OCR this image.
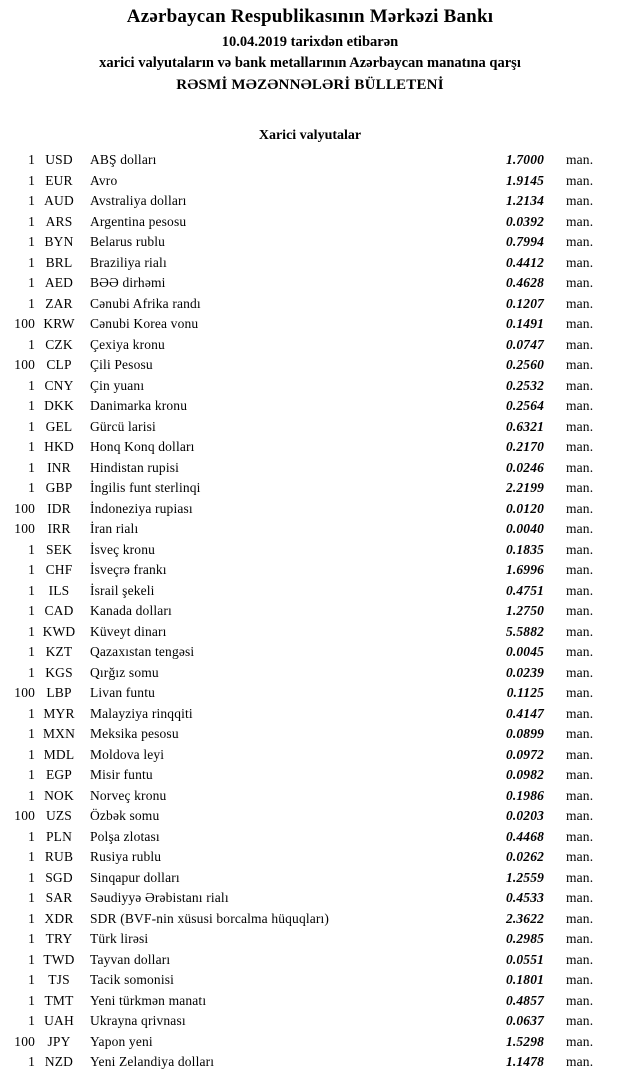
Azərbaycan Respublikasının Mərkəzi Bankı
10.04.2019 tarixdən etibarən
xarici valyutaların və bank metallarının Azərbaycan manatına qarşı
RƏSMİ MƏZƏNNƏLƏRİ BÜLLETENİ
Xarici valyutalar
1 USD	ABŞ dolları	1.7000	man.
1 EUR	Avro	1.9145	man.
1 AUD	Avstraliya dolları	1.2134	man.
1 ARS	Argentina pesosu	0.0392	man.
1 BYN	Belarus rublu	0.7994	man.
1 BRL	Braziliya rialı	0.4412	man.
1 AED	BƏƏ dirhəmi	0.4628	man.
1 ZAR	Cənubi Afrika randı	0.1207	man.
100 KRW	Cənubi Korea vonu	0.1491	man.
1 CZK	Çexiya kronu	0.0747	man.
100 CLP	Çili Pesosu	0.2560	man.
1 CNY	Çin yuanı	0.2532	man.
1 DKK	Danimarka kronu	0.2564	man.
1 GEL	Gürcü larisi	0.6321	man.
1 HKD	Honq Konq dolları	0.2170	man.
1 INR	Hindistan rupisi	0.0246	man.
1 GBP	İngilis funt sterlinqi	2.2199	man.
100 IDR	İndoneziya rupiası	0.0120	man.
100 IRR	İran rialı	0.0040	man.
1 SEK	İsveç kronu	0.1835	man.
1 CHF	İsveçrə frankı	1.6996	man.
1	ILS	İsrail şekeli	0.4751	man.
1 CAD	Kanada dolları	1.2750	man.
1 KWD	Küveyt dinarı	5.5882	man.
1 KZT	Qazaxıstan tengəsi	0.0045	man.
1 KGS	Qırğız somu	0.0239	man.
100 LBP	Livan funtu	0.1125	man.
1 MYR	Malayziya rinqqiti	0.4147	man.
1 MXN	Meksika pesosu	0.0899	man.
1 MDL	Moldova leyi	0.0972	man.
1 EGP	Misir funtu	0.0982	man.
1 NOK	Norveç kronu	0.1986	man.
100 UZS	Özbək somu	0.0203	man.
1 PLN	Polşa zlotası	0.4468	man.
1 RUB	Rusiya rublu	0.0262	man.
1 SGD	Sinqapur dolları	1.2559	man.
1 SAR	Səudiyyə Ərəbistanı rialı	0.4533	man.
1 XDR	SDR (BVF-nin xüsusi borcalma hüquqları)	2.3622	man.
1 TRY	Türk lirəsi	0.2985	man.
1 TWD	Tayvan dolları	0.0551	man.
1 TJS	Tacik somonisi	0.1801	man.
1 TMT	Yeni türkmən manatı	0.4857	man.
1 UAH	Ukrayna qrivnası	0.0637	man.
100 JPY	Yapon yeni	1.5298	man.
1 NZD	Yeni Zelandiya dolları	1.1478	man.
